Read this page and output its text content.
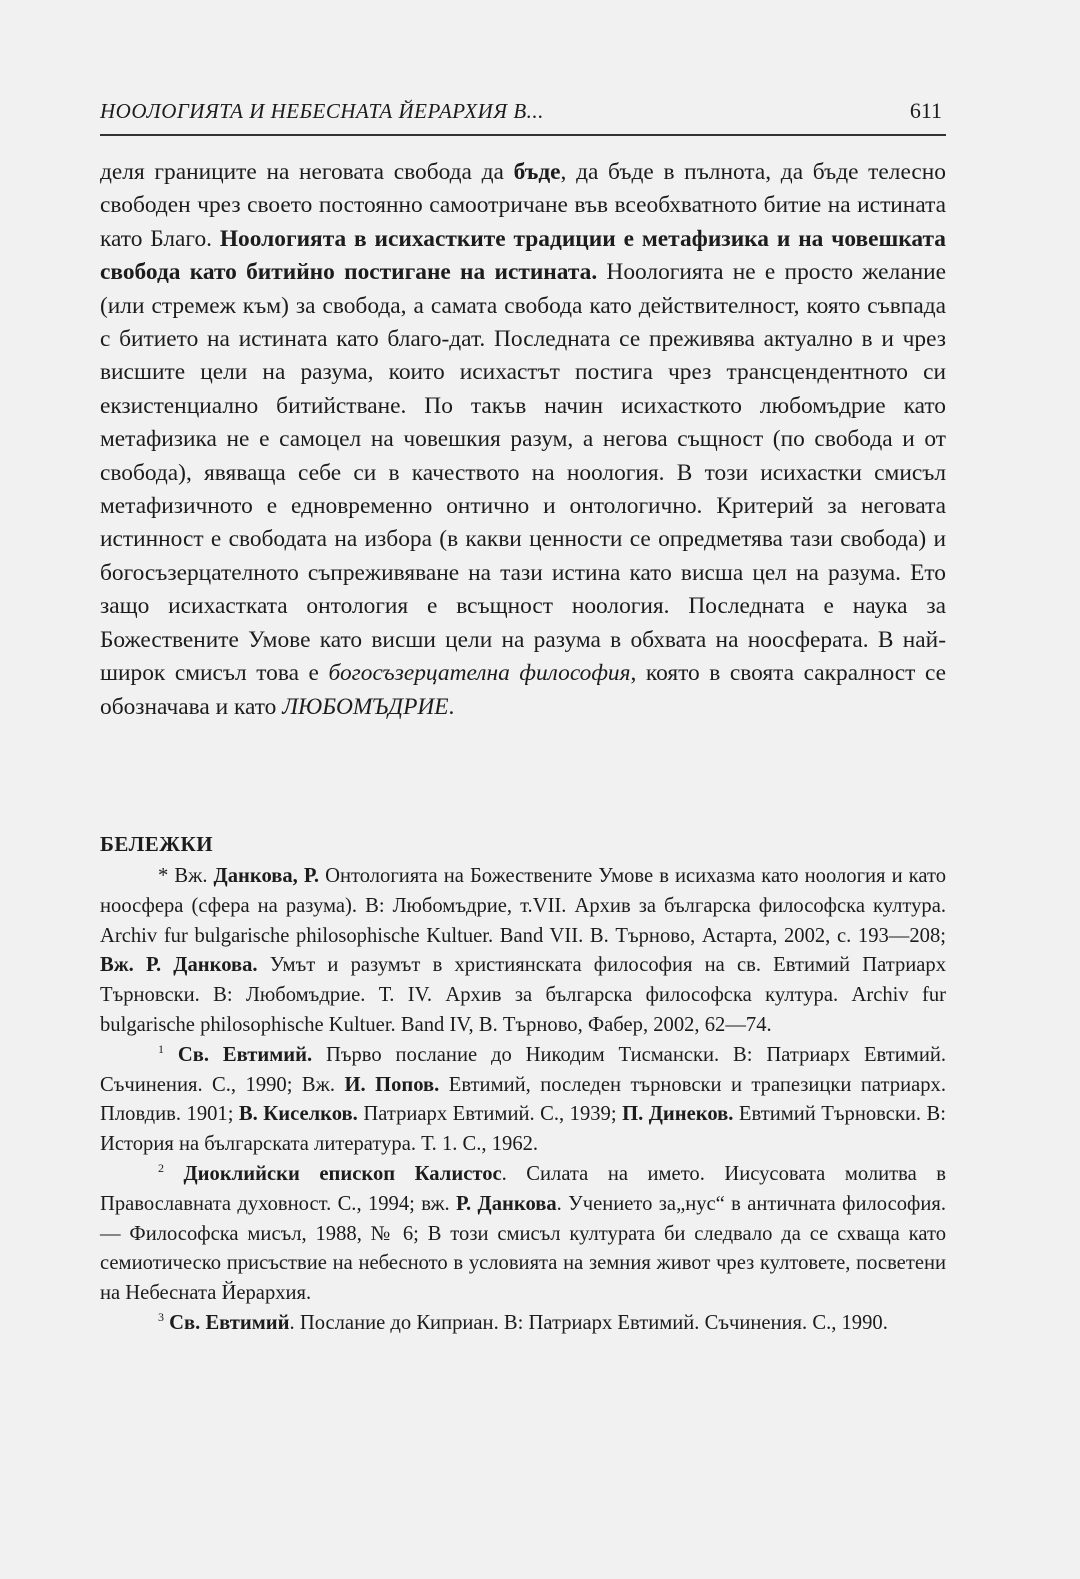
НООЛОГИЯТА И НЕБЕСНАТА ЙЕРАРХИЯ В...	611

деля границите на неговата свобода да бъде, да бъде в пълнота, да бъде телесно свободен чрез своето постоянно самоотричане във всеобхватното битие на истината като Благо. Ноологията в исихастките традиции е метафизика и на човешката свобода като битийно постигане на истината. Ноологията не е просто желание (или стремеж към) за свобода, а самата свобода като действителност, която съвпада с битието на истината като благо-дат. Последната се преживява актуално в и чрез висшите цели на разума, които исихастът постига чрез трансцендентното си екзистенциално битийстване. По такъв начин исихасткото любомъдрие като метафизика не е самоцел на човешкия разум, а негова същност (по свобода и от свобода), явяваща себе си в качеството на ноология. В този исихастки смисъл метафизичното е едновременно онтично и онтологично. Критерий за неговата истинност е свободата на избора (в какви ценности се опредметява тази свобода) и богосъзерцателното съпреживяване на тази истина като висша цел на разума. Ето защо исихастката онтология е всъщност ноология. Последната е наука за Божествените Умове като висши цели на разума в обхвата на ноосферата. В най-широк смисъл това е богосъзерцателна философия, която в своята сакралност се обозначава и като ЛЮБОМЪДРИЕ.

БЕЛЕЖКИ

* Вж. Данкова, Р. Онтологията на Божествените Умове в исихазма като ноология и като ноосфера (сфера на разума). В: Любомъдрие, т.VII. Архив за българска философска култура. Archiv fur bulgarische philosophische Kultuer. Band VII. В. Търново, Астарта, 2002, с. 193—208; Вж. Р. Данкова. Умът и разумът в християнската философия на св. Евтимий Патриарх Търновски. В: Любомъдрие. Т. IV. Архив за българска философска култура. Archiv fur bulgarische philosophische Kultuer. Band IV, В. Търново, Фабер, 2002, 62—74.

$^1$ Св. Евтимий. Първо послание до Никодим Тисмански. В: Патриарх Евтимий. Съчинения. С., 1990; Вж. И. Попов. Евтимий, последен търновски и трапезицки патриарх. Пловдив. 1901; В. Киселков. Патриарх Евтимий. С., 1939; П. Динеков. Евтимий Търновски. В: История на българската литература. Т. 1. С., 1962.

$^2$ Диоклийски епископ Калистос. Силата на името. Иисусовата молитва в Православната духовност. С., 1994; вж. Р. Данкова. Учението за„нус“ в античната философия. — Философска мисъл, 1988, № 6; В този смисъл културата би следвало да се схваща като семиотическо присъствие на небесното в условията на земния живот чрез култовете, посветени на Небесната Йерархия.

$^3$ Св. Евтимий. Послание до Киприан. В: Патриарх Евтимий. Съчинения. С., 1990.
